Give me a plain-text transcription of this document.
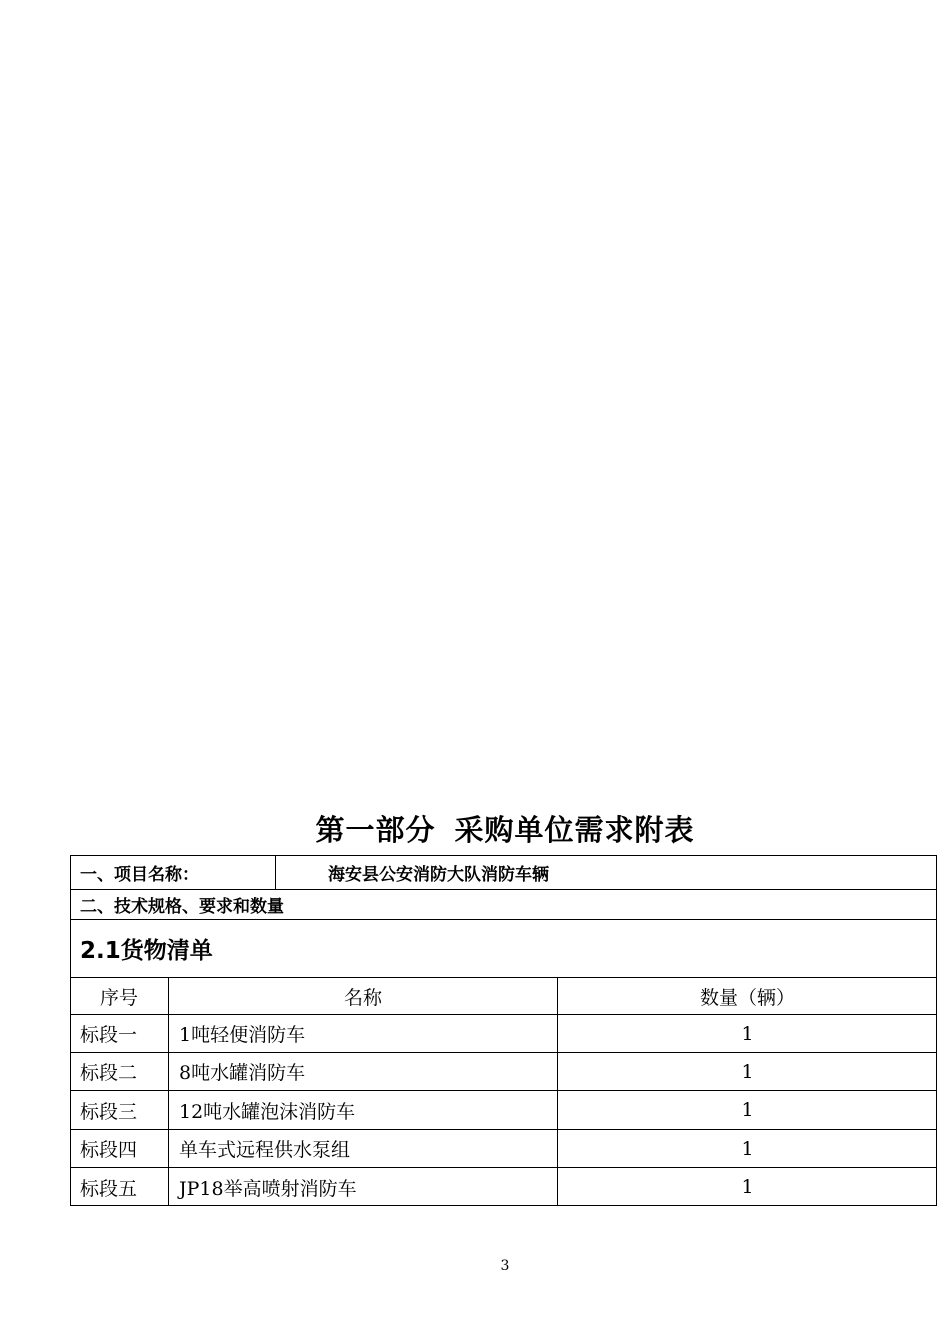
第一部分 采购单位需求附表
一、项目名称：	海安县公安消防大队消防车辆
二、技术规格、要求和数量
2.1货物清单
序号	名称	数量（辆）
标段一	1吨轻便消防车	1
标段二	8吨水罐消防车	1
标段三	12吨水罐泡沫消防车	1
标段四	单车式远程供水泵组	1
标段五	JP18举高喷射消防车	1
3
